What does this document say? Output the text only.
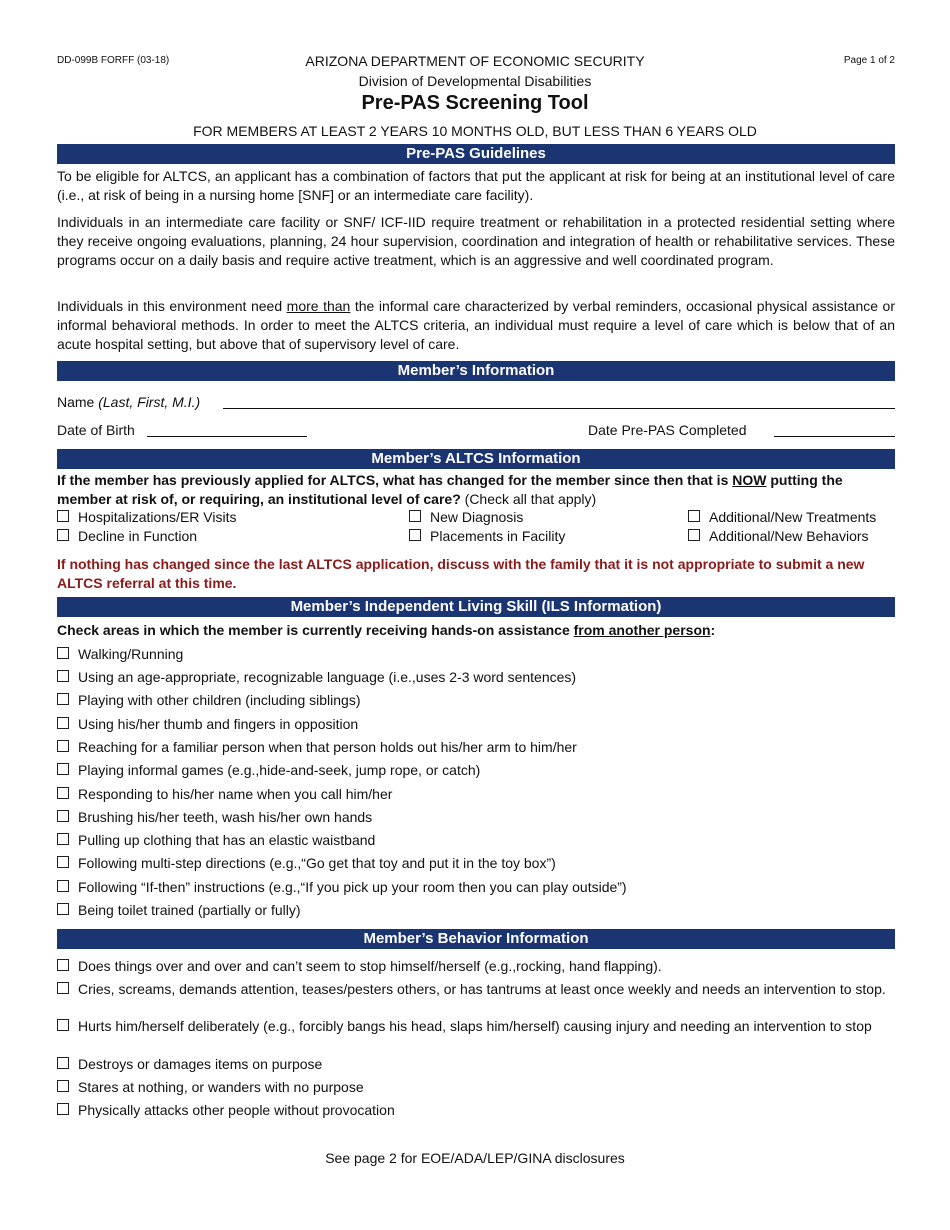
DD-099B FORFF (03-18)	Page 1 of 2
ARIZONA DEPARTMENT OF ECONOMIC SECURITY
Division of Developmental Disabilities
Pre-PAS Screening Tool
FOR MEMBERS AT LEAST 2 YEARS 10 MONTHS OLD, BUT LESS THAN 6 YEARS OLD
Pre-PAS Guidelines
To be eligible for ALTCS, an applicant has a combination of factors that put the applicant at risk for being at an institutional level of care (i.e., at risk of being in a nursing home [SNF] or an intermediate care facility).
Individuals in an intermediate care facility or SNF/ ICF-IID require treatment or rehabilitation in a protected residential setting where they receive ongoing evaluations, planning, 24 hour supervision, coordination and integration of health or rehabilitative services. These programs occur on a daily basis and require active treatment, which is an aggressive and well coordinated program.
Individuals in this environment need more than the informal care characterized by verbal reminders, occasional physical assistance or informal behavioral methods. In order to meet the ALTCS criteria, an individual must require a level of care which is below that of an acute hospital setting, but above that of supervisory level of care.
Member’s Information
Name (Last, First, M.I.)
Date of Birth	Date Pre-PAS Completed
Member’s ALTCS Information
If the member has previously applied for ALTCS, what has changed for the member since then that is NOW putting the member at risk of, or requiring, an institutional level of care? (Check all that apply)
Hospitalizations/ER Visits	New Diagnosis	Additional/New Treatments
Decline in Function	Placements in Facility	Additional/New Behaviors
If nothing has changed since the last ALTCS application, discuss with the family that it is not appropriate to submit a new ALTCS referral at this time.
Member’s Independent Living Skill (ILS Information)
Check areas in which the member is currently receiving hands-on assistance from another person:
Walking/Running
Using an age-appropriate, recognizable language (i.e.,uses 2-3 word sentences)
Playing with other children (including siblings)
Using his/her thumb and fingers in opposition
Reaching for a familiar person when that person holds out his/her arm to him/her
Playing informal games (e.g.,hide-and-seek, jump rope, or catch)
Responding to his/her name when you call him/her
Brushing his/her teeth, wash his/her own hands
Pulling up clothing that has an elastic waistband
Following multi-step directions (e.g.,“Go get that toy and put it in the toy box”)
Following “If-then” instructions (e.g.,“If you pick up your room then you can play outside”)
Being toilet trained (partially or fully)
Member’s Behavior Information
Does things over and over and can’t seem to stop himself/herself (e.g.,rocking, hand flapping).
Cries, screams, demands attention, teases/pesters others, or has tantrums at least once weekly and needs an intervention to stop.
Hurts him/herself deliberately (e.g., forcibly bangs his head, slaps him/herself) causing injury and needing an intervention to stop
Destroys or damages items on purpose
Stares at nothing, or wanders with no purpose
Physically attacks other people without provocation
See page 2 for EOE/ADA/LEP/GINA disclosures
